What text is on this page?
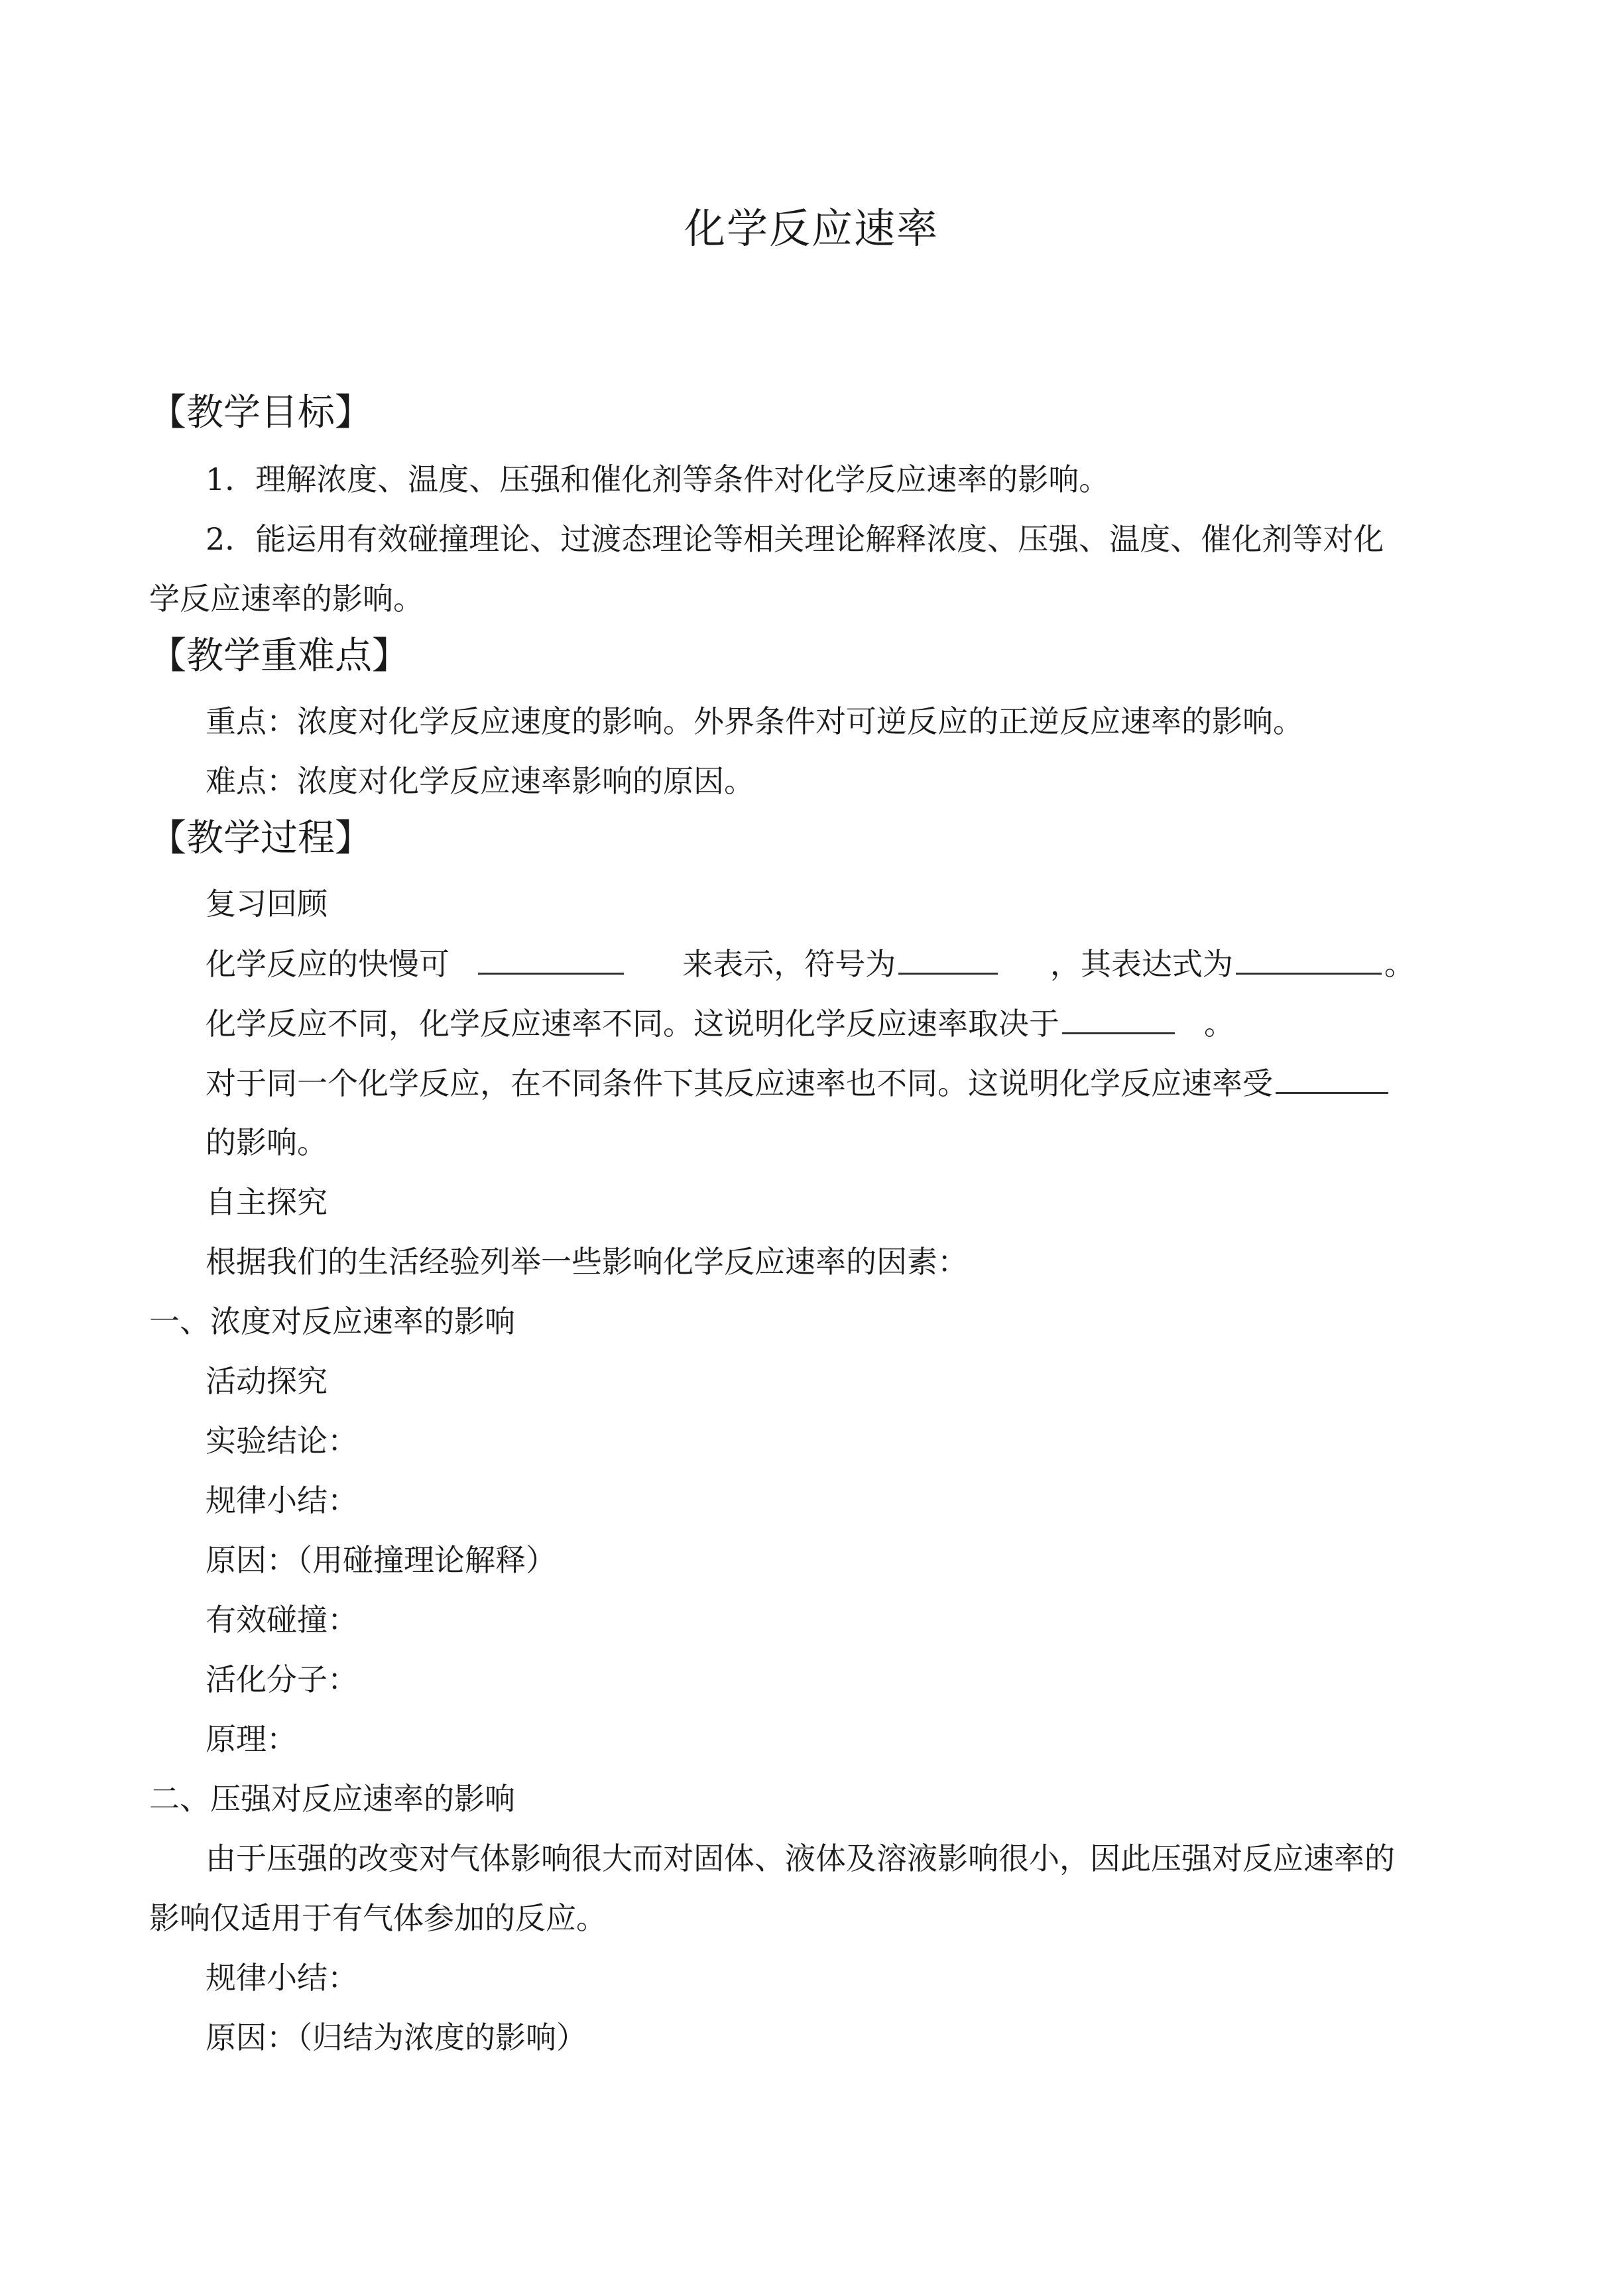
化学反应速率
【教学目标】
1．理解浓度、温度、压强和催化剂等条件对化学反应速率的影响。
2．能运用有效碰撞理论、过渡态理论等相关理论解释浓度、压强、温度、催化剂等对化
学反应速率的影响。
【教学重难点】
重点：浓度对化学反应速度的影响。外界条件对可逆反应的正逆反应速率的影响。
难点：浓度对化学反应速率影响的原因。
【教学过程】
复习回顾
化学反应的快慢可	来表示，符号为	，其表达式为	。
化学反应不同，化学反应速率不同。这说明化学反应速率取决于	。
对于同一个化学反应，在不同条件下其反应速率也不同。这说明化学反应速率受
的影响。
自主探究
根据我们的生活经验列举一些影响化学反应速率的因素：
一、浓度对反应速率的影响
活动探究
实验结论：
规律小结：
原因：（用碰撞理论解释）
有效碰撞：
活化分子：
原理：
二、压强对反应速率的影响
由于压强的改变对气体影响很大而对固体、液体及溶液影响很小，因此压强对反应速率的
影响仅适用于有气体参加的反应。
规律小结：
原因：（归结为浓度的影响）
